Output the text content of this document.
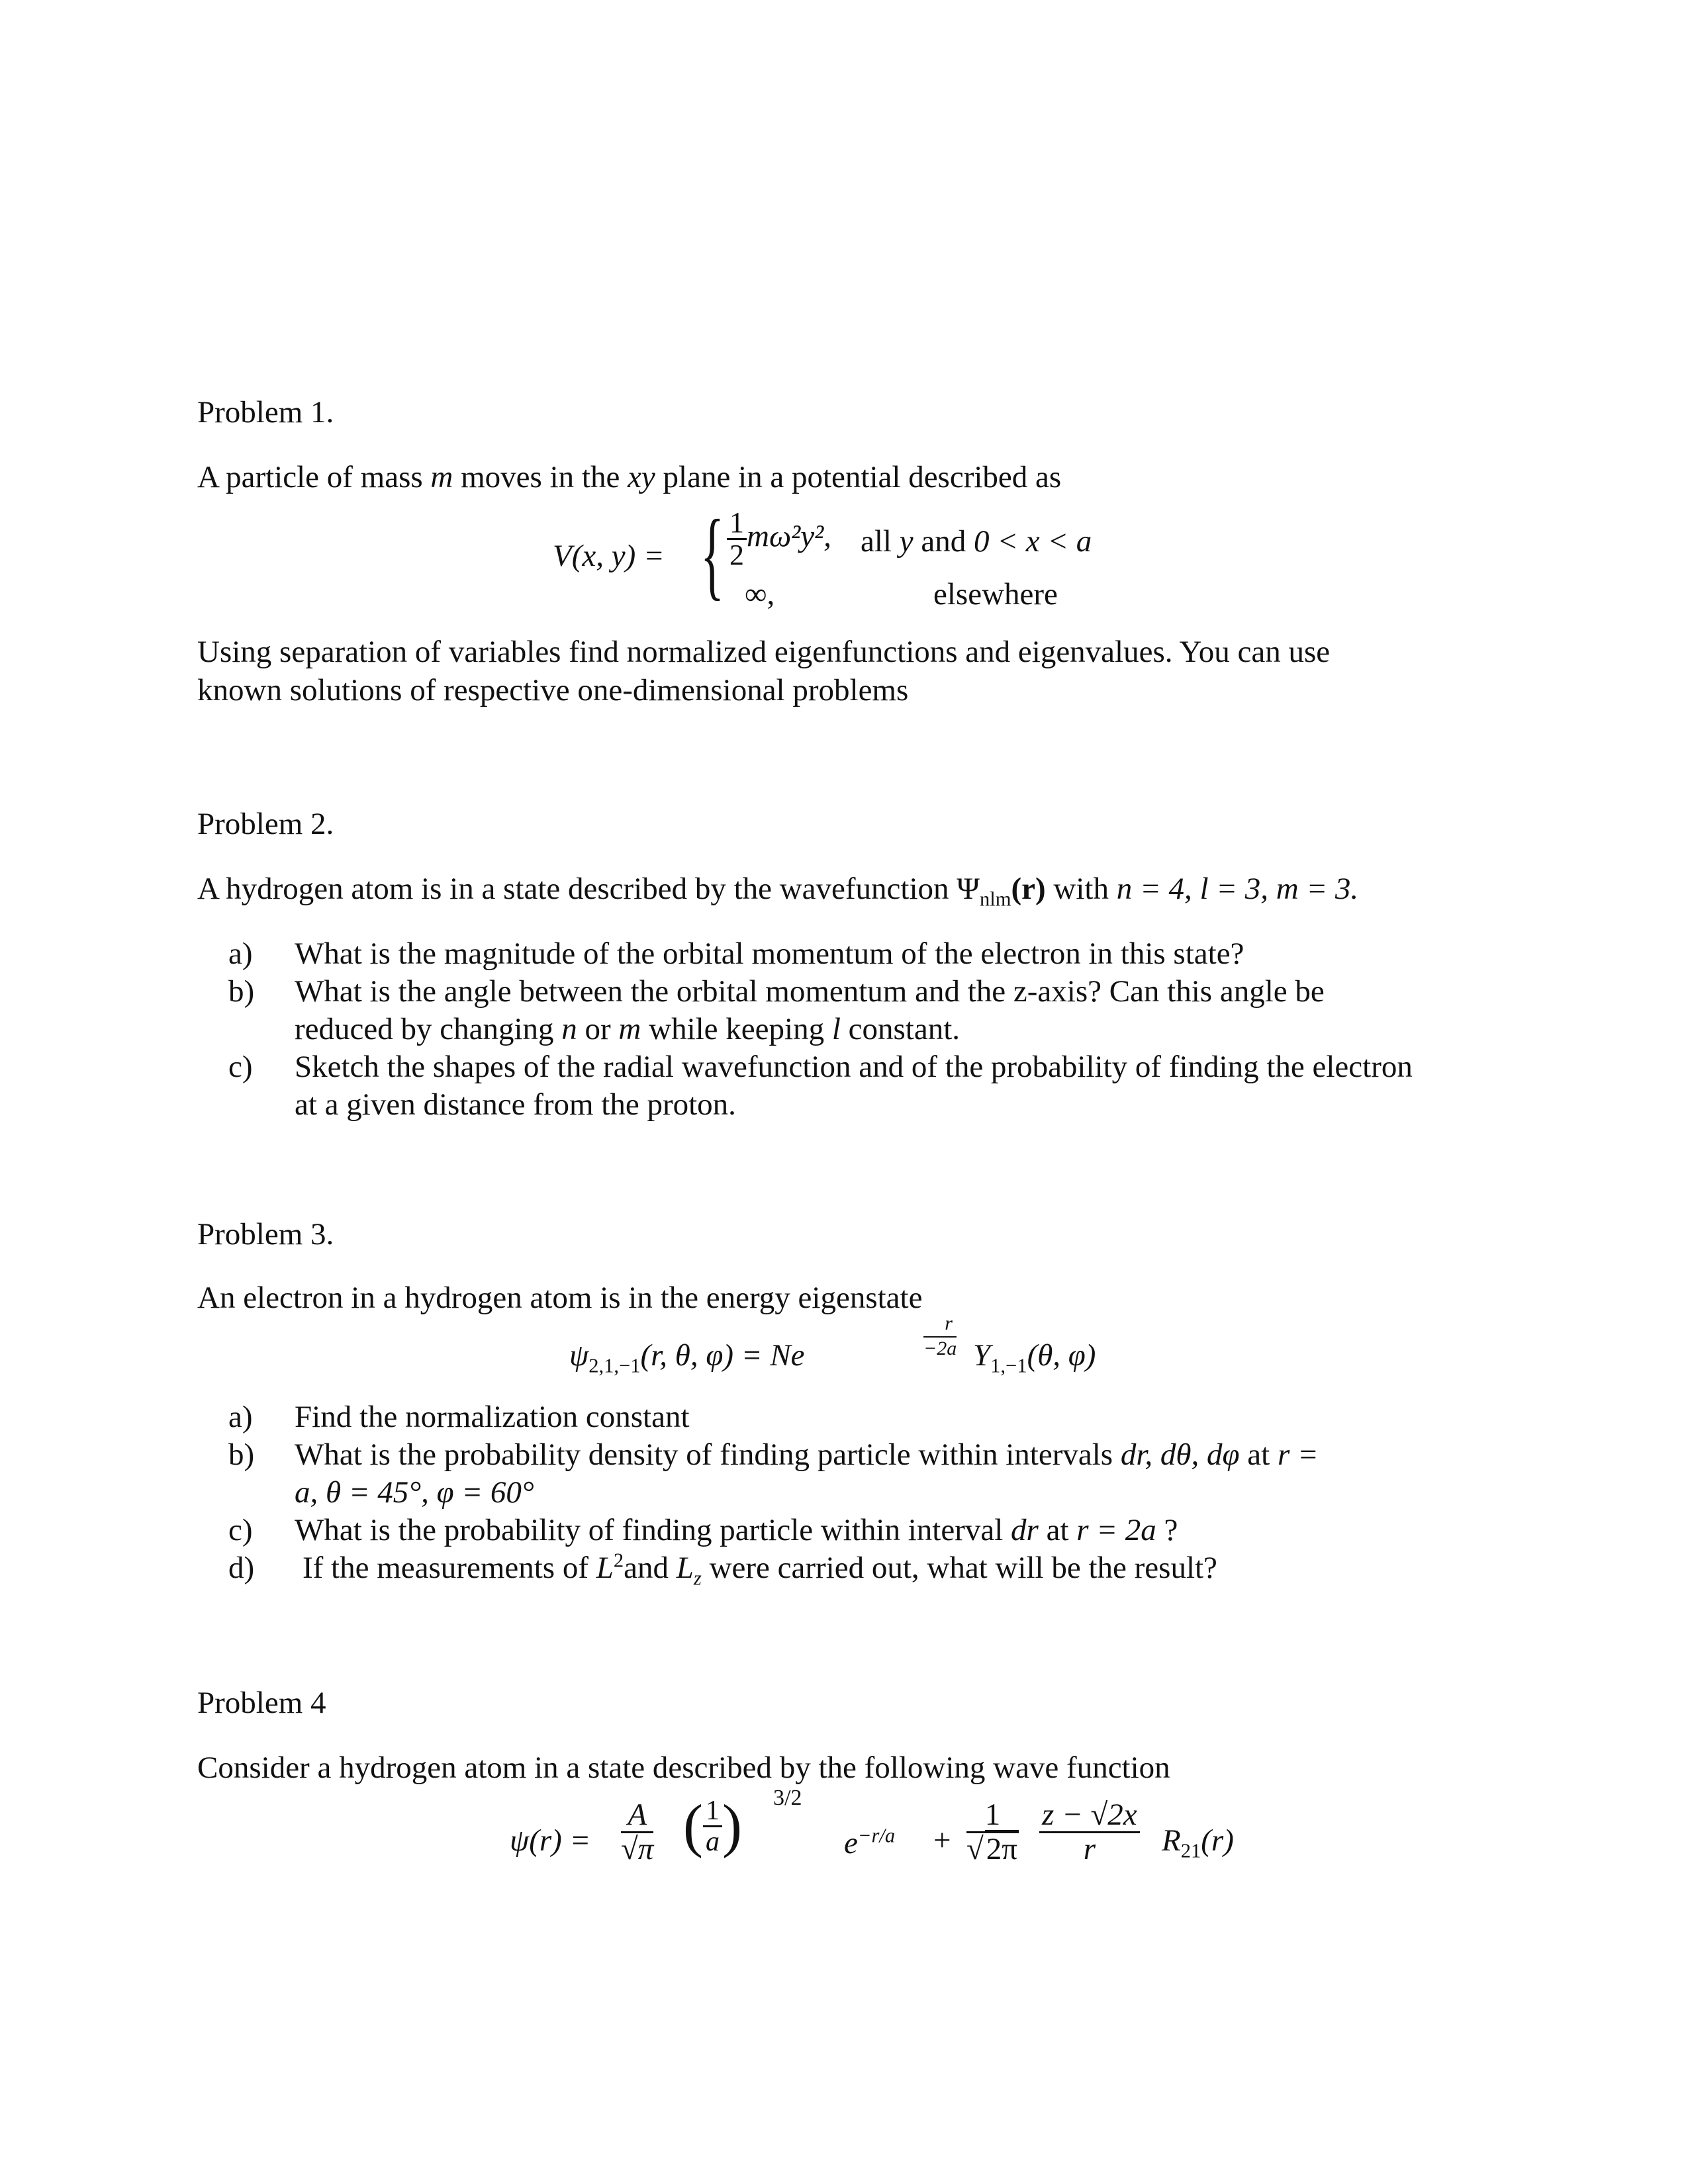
Problem 1.
A particle of mass m moves in the xy plane in a potential described as
V(x, y) = { $\frac{1}{2} m\omega^2y^2$, all y and 0 < x < a
∞,	elsewhere
Using separation of variables find normalized eigenfunctions and eigenvalues. You can use
known solutions of respective one-dimensional problems
Problem 2.
A hydrogen atom is in a state described by the wavefunction $\Psi_{nlm}(r)$ with n = 4, l = 3, m = 3.
a) What is the magnitude of the orbital momentum of the electron in this state?
b) What is the angle between the orbital momentum and the z-axis? Can this angle be
reduced by changing n or m while keeping l constant.
c) Sketch the shapes of the radial wavefunction and of the probability of finding the electron
at a given distance from the proton.
Problem 3.
An electron in a hydrogen atom is in the energy eigenstate
$\psi_{2,1,-1}(r$, θ, φ) = Ne
r
−2a $Y_{1,-1}(\theta$, φ)
a) Find the normalization constant
b) What is the probability density of finding particle within intervals dr, dθ, dφ at r =
a, θ = 45°, φ = 60°
c) What is the probability of finding particle within interval dr at r = 2a ?
d) If the measurements of $L^2and$ $L_z$ were carried out, what will be the result?
Problem 4
Consider a hydrogen atom in a state described by the following wave function
$\psi(r) = \frac{A}{√\pi}$ ( $\frac{1}{a}$ ) 3/2
$e^{-r/a} + \frac{1}{√2\pi} \frac{z - √2x}{r} R_{21}(r)$
